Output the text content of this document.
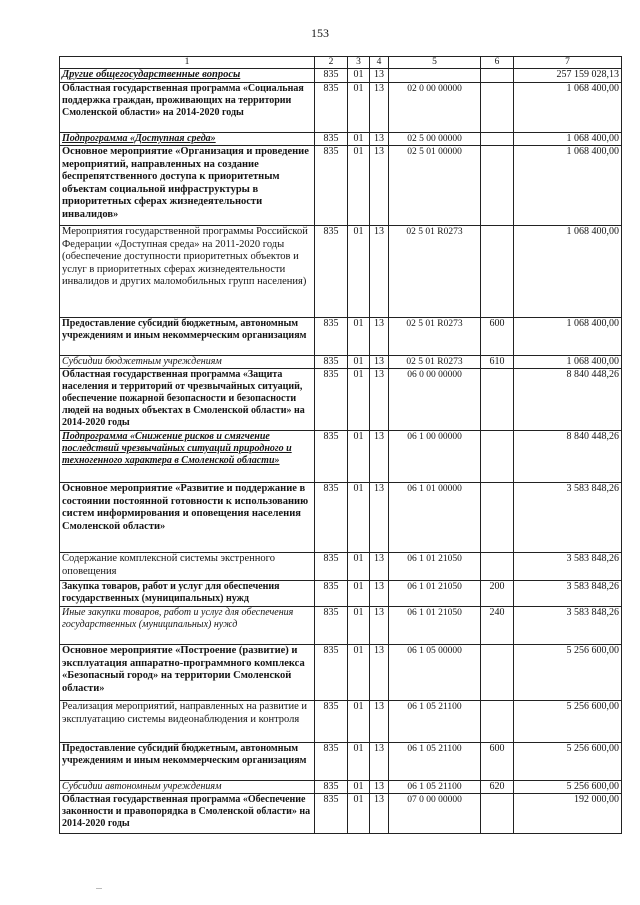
153
1	2	3	4	5	6	7
Другие общегосударственные вопросы	835	01	13			257 159 028,13
Областная государственная программа «Социальная поддержка граждан, проживающих на территории Смоленской области» на 2014-2020 годы	835	01	13	02 0 00 00000		1 068 400,00
Подпрограмма «Доступная среда»	835	01	13	02 5 00 00000		1 068 400,00
Основное мероприятие «Организация и проведение мероприятий, направленных на создание беспрепятственного доступа к приоритетным объектам социальной инфраструктуры в приоритетных сферах жизнедеятельности инвалидов»	835	01	13	02 5 01 00000		1 068 400,00
Мероприятия государственной программы Российской Федерации «Доступная среда» на 2011-2020 годы (обеспечение доступности приоритетных объектов и услуг в приоритетных сферах жизнедеятельности инвалидов и других маломобильных групп населения)	835	01	13	02 5 01 R0273		1 068 400,00
Предоставление субсидий бюджетным, автономным учреждениям и иным некоммерческим организациям	835	01	13	02 5 01 R0273	600	1 068 400,00
Субсидии бюджетным учреждениям	835	01	13	02 5 01 R0273	610	1 068 400,00
Областная государственная программа «Защита населения и территорий от чрезвычайных ситуаций, обеспечение пожарной безопасности и безопасности людей на водных объектах в Смоленской области» на 2014-2020 годы	835	01	13	06 0 00 00000		8 840 448,26
Подпрограмма «Снижение рисков и смягчение последствий чрезвычайных ситуаций природного и техногенного характера в Смоленской области»	835	01	13	06 1 00 00000		8 840 448,26
Основное мероприятие «Развитие и поддержание в состоянии постоянной готовности к использованию систем информирования и оповещения населения Смоленской области»	835	01	13	06 1 01 00000		3 583 848,26
Содержание комплексной системы экстренного оповещения	835	01	13	06 1 01 21050		3 583 848,26
Закупка товаров, работ и услуг для обеспечения государственных (муниципальных) нужд	835	01	13	06 1 01 21050	200	3 583 848,26
Иные закупки товаров, работ и услуг для обеспечения государственных (муниципальных) нужд	835	01	13	06 1 01 21050	240	3 583 848,26
Основное мероприятие «Построение (развитие) и эксплуатация аппаратно-программного комплекса «Безопасный город» на территории Смоленской области»	835	01	13	06 1 05 00000		5 256 600,00
Реализация мероприятий, направленных на развитие и эксплуатацию системы видеонаблюдения и контроля	835	01	13	06 1 05 21100		5 256 600,00
Предоставление субсидий бюджетным, автономным учреждениям и иным некоммерческим организациям	835	01	13	06 1 05 21100	600	5 256 600,00
Субсидии автономным учреждениям	835	01	13	06 1 05 21100	620	5 256 600,00
Областная государственная программа «Обеспечение законности и правопорядка в Смоленской области» на 2014-2020 годы	835	01	13	07 0 00 00000		192 000,00
